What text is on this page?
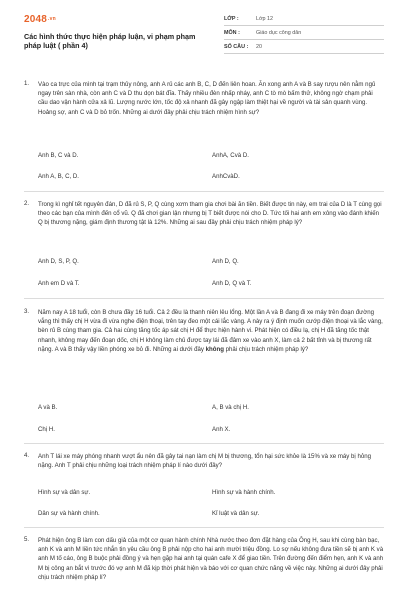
$2048^{.vn}$
Các hình thức thực hiện pháp luận, vi phạm phạm pháp luật ( phần 4)
LỚP :	Lớp 12
MÔN :	Giáo dục công dân
SỐ CÂU :	20
1. Vào ca trực của mình tại trạm thủy nông, anh A rủ các anh B, C, D đến liên hoan. Ăn xong anh A và B say rượu nên nằm ngủ ngay trên sàn nhà, còn anh C và D thu dọn bát đĩa. Thấy nhiều đèn nhấp nháy, anh C tò mò bấm thử, không ngờ chạm phải cầu dao vận hành cửa xả lũ. Lượng nước lớn, tốc độ xả nhanh đã gây ngập làm thiệt hại về người và tài sản quanh vùng. Hoảng sợ, anh C và D bỏ trốn. Những ai dưới đây phải chịu trách nhiệm hình sự?
Anh B, C và D.	AnhA, Cvà D.
Anh A, B, C, D.	AnhCvàD.
2. Trong kì nghỉ tết nguyên đán, D đã rủ S, P, Q cùng xơm tham gia chơi bài ăn tiền. Biết được tin này, em trai của D là T cùng gọi theo các bạn của mình đến cổ vũ. Q đã chơi gian lận nhưng bị T biết được nói cho D. Tức tối hai anh em xông vào đánh khiến Q bị thương nặng, giám định thương tật là 12%. Những ai sau đây phải chịu trách nhiệm pháp lý?
Anh D, S, P, Q.	Anh D, Q.
Anh em D và T.	Anh D, Q và T.
3. Năm nay A 18 tuổi, còn B chưa đầy 16 tuổi. Cả 2 đều là thanh niên lêu lổng. Một lần A và B đang đi xe máy trên đoạn đường vắng thì thấy chị H vừa đi vừa nghe điện thoại, trên tay đeo một cái lắc vàng. A này ra ý định muốn cướp điện thoại và lắc vàng, bèn rủ B cùng tham gia. Cả hai cùng tăng tốc áp sát chị H để thực hiện hành vi. Phát hiện có điều lạ, chị H đã tăng tốc thật nhanh, không may đến đoạn dốc, chị H không làm chủ được tay lái đã đâm xe vào anh X, làm cả 2 bất tỉnh và bị thương rất nặng. A và B thấy vậy liền phóng xe bỏ đi. Những ai dưới đây không phải chịu trách nhiệm pháp lý?
A và B.	A, B và chị H.
Chị H.	Anh X.
4. Anh T lái xe máy phóng nhanh vượt ẩu nên đã gây tai nạn làm chị M bị thương, tổn hại sức khỏe là 15% và xe máy bị hỏng nặng. Anh T phải chịu những loại trách nhiệm pháp lí nào dưới đây?
Hình sự và dân sự.	Hình sự và hành chính.
Dân sự và hành chính.	Kỉ luật và dân sự.
5. Phát hiện ông B làm con dấu giả của một cơ quan hành chính Nhà nước theo đơn đặt hàng của Ông H, sau khi cùng bàn bạc, anh K và anh M liền tức nhắn tin yêu cầu ông B phải nộp cho hai anh mười triệu đồng. Lo sợ nếu không đưa tiền sẽ bị anh K và anh M tố cáo, ông B buộc phải đồng ý và hẹn gặp hai anh tại quán cafe X để giao tiền. Trên đường đến điểm hẹn, anh K và anh M bị công an bắt vì trước đó vợ anh M đã kịp thời phát hiện và báo với cơ quan chức năng về việc này. Những ai dưới đây phải chịu trách nhiệm pháp lí?
